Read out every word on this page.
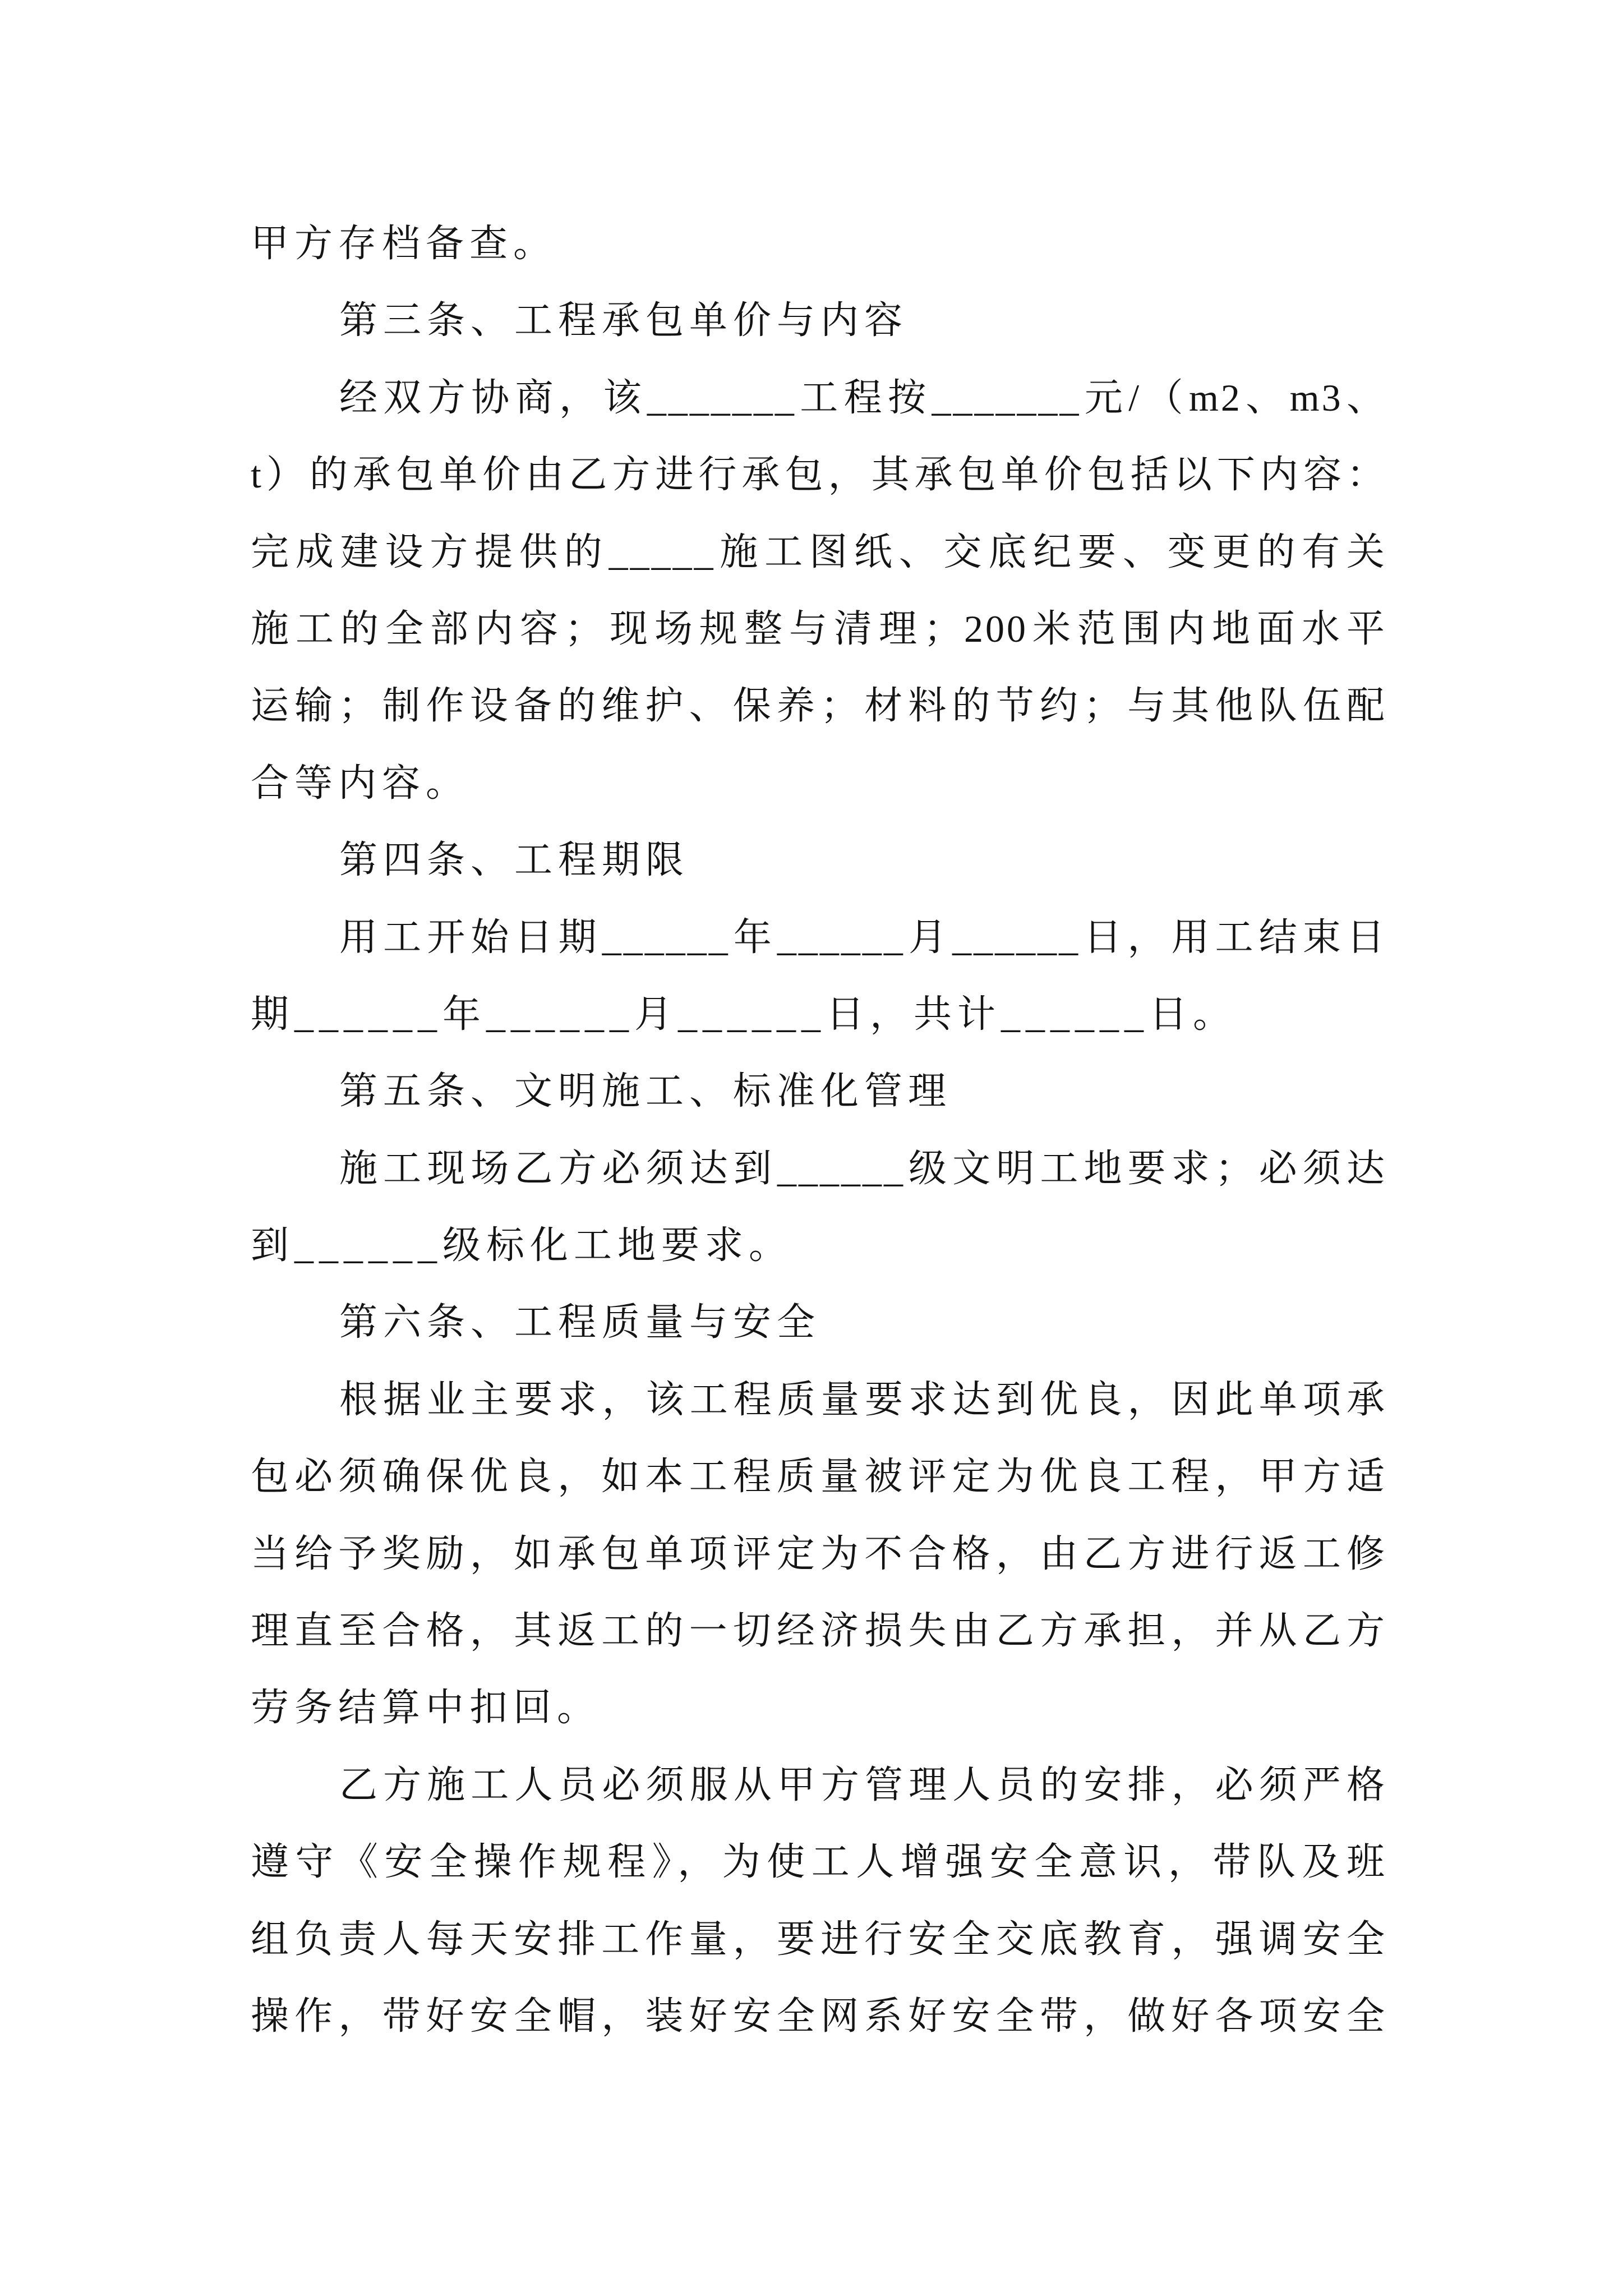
甲方存档备查。
第三条、工程承包单价与内容
经双方协商，该_______工程按_______元/（m2、m3、
t）的承包单价由乙方进行承包，其承包单价包括以下内容：
完成建设方提供的_____施工图纸、交底纪要、变更的有关
施工的全部内容；现场规整与清理；200米范围内地面水平
运输；制作设备的维护、保养；材料的节约；与其他队伍配
合等内容。
第四条、工程期限
用工开始日期______年______月______日，用工结束日
期______年______月______日，共计______日。
第五条、文明施工、标准化管理
施工现场乙方必须达到______级文明工地要求；必须达
到______级标化工地要求。
第六条、工程质量与安全
根据业主要求，该工程质量要求达到优良，因此单项承
包必须确保优良，如本工程质量被评定为优良工程，甲方适
当给予奖励，如承包单项评定为不合格，由乙方进行返工修
理直至合格，其返工的一切经济损失由乙方承担，并从乙方
劳务结算中扣回。
乙方施工人员必须服从甲方管理人员的安排，必须严格
遵守《安全操作规程》，为使工人增强安全意识，带队及班
组负责人每天安排工作量，要进行安全交底教育，强调安全
操作，带好安全帽，装好安全网系好安全带，做好各项安全
